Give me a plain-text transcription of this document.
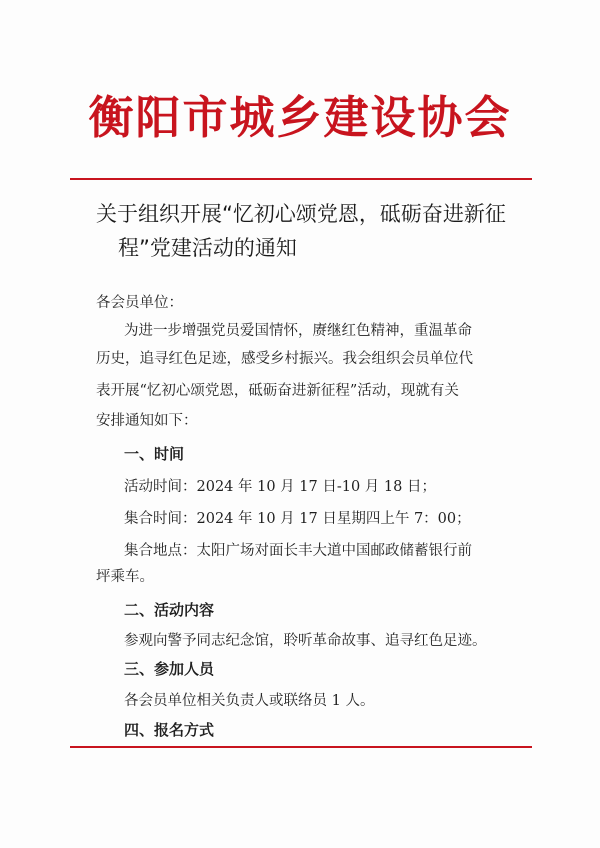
衡阳市城乡建设协会
关于组织开展“忆初心颂党恩，砥砺奋进新征
程”党建活动的通知
各会员单位：
为进一步增强党员爱国情怀，赓继红色精神，重温革命
历史，追寻红色足迹，感受乡村振兴。我会组织会员单位代
表开展“忆初心颂党恩，砥砺奋进新征程”活动，现就有关
安排通知如下：
一、时间
活动时间：2024 年 10 月 17 日-10 月 18 日；
集合时间：2024 年 10 月 17 日星期四上午 7：00；
集合地点：太阳广场对面长丰大道中国邮政储蓄银行前
坪乘车。
二、活动内容
参观向警予同志纪念馆，聆听革命故事、追寻红色足迹。
三、参加人员
各会员单位相关负责人或联络员 1 人。
四、报名方式
